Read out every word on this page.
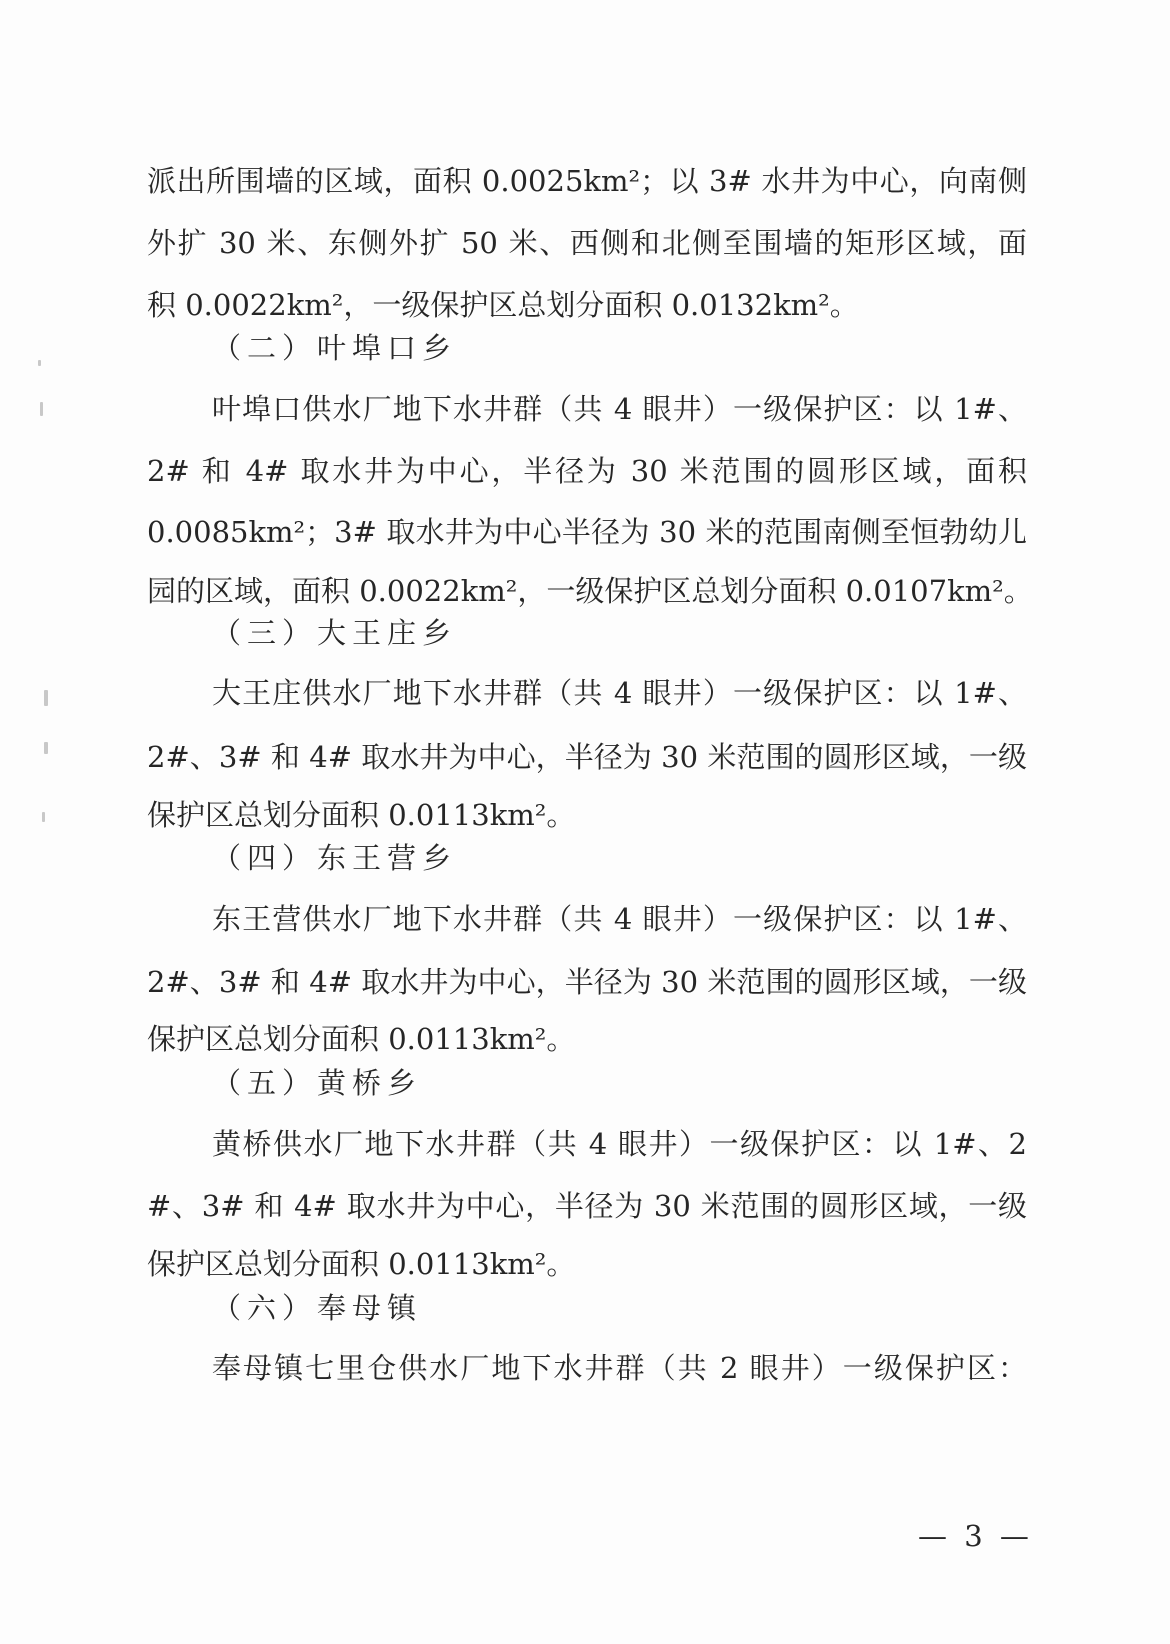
派出所围墙的区域，面积 0.0025km²；以 3# 水井为中心，向南侧
外扩 30 米、东侧外扩 50 米、西侧和北侧至围墙的矩形区域，面
积 0.0022km²，一级保护区总划分面积 0.0132km²。
（二）叶埠口乡
叶埠口供水厂地下水井群（共 4 眼井）一级保护区：以 1#、
2# 和 4# 取水井为中心，半径为 30 米范围的圆形区域，面积
0.0085km²；3# 取水井为中心半径为 30 米的范围南侧至恒勃幼儿
园的区域，面积 0.0022km²，一级保护区总划分面积 0.0107km²。
（三）大王庄乡
大王庄供水厂地下水井群（共 4 眼井）一级保护区：以 1#、
2#、3# 和 4# 取水井为中心，半径为 30 米范围的圆形区域，一级
保护区总划分面积 0.0113km²。
（四）东王营乡
东王营供水厂地下水井群（共 4 眼井）一级保护区：以 1#、
2#、3# 和 4# 取水井为中心，半径为 30 米范围的圆形区域，一级
保护区总划分面积 0.0113km²。
（五）黄桥乡
黄桥供水厂地下水井群（共 4 眼井）一级保护区：以 1#、2
#、3# 和 4# 取水井为中心，半径为 30 米范围的圆形区域，一级
保护区总划分面积 0.0113km²。
（六）奉母镇
奉母镇七里仓供水厂地下水井群（共 2 眼井）一级保护区：
— 3 —
